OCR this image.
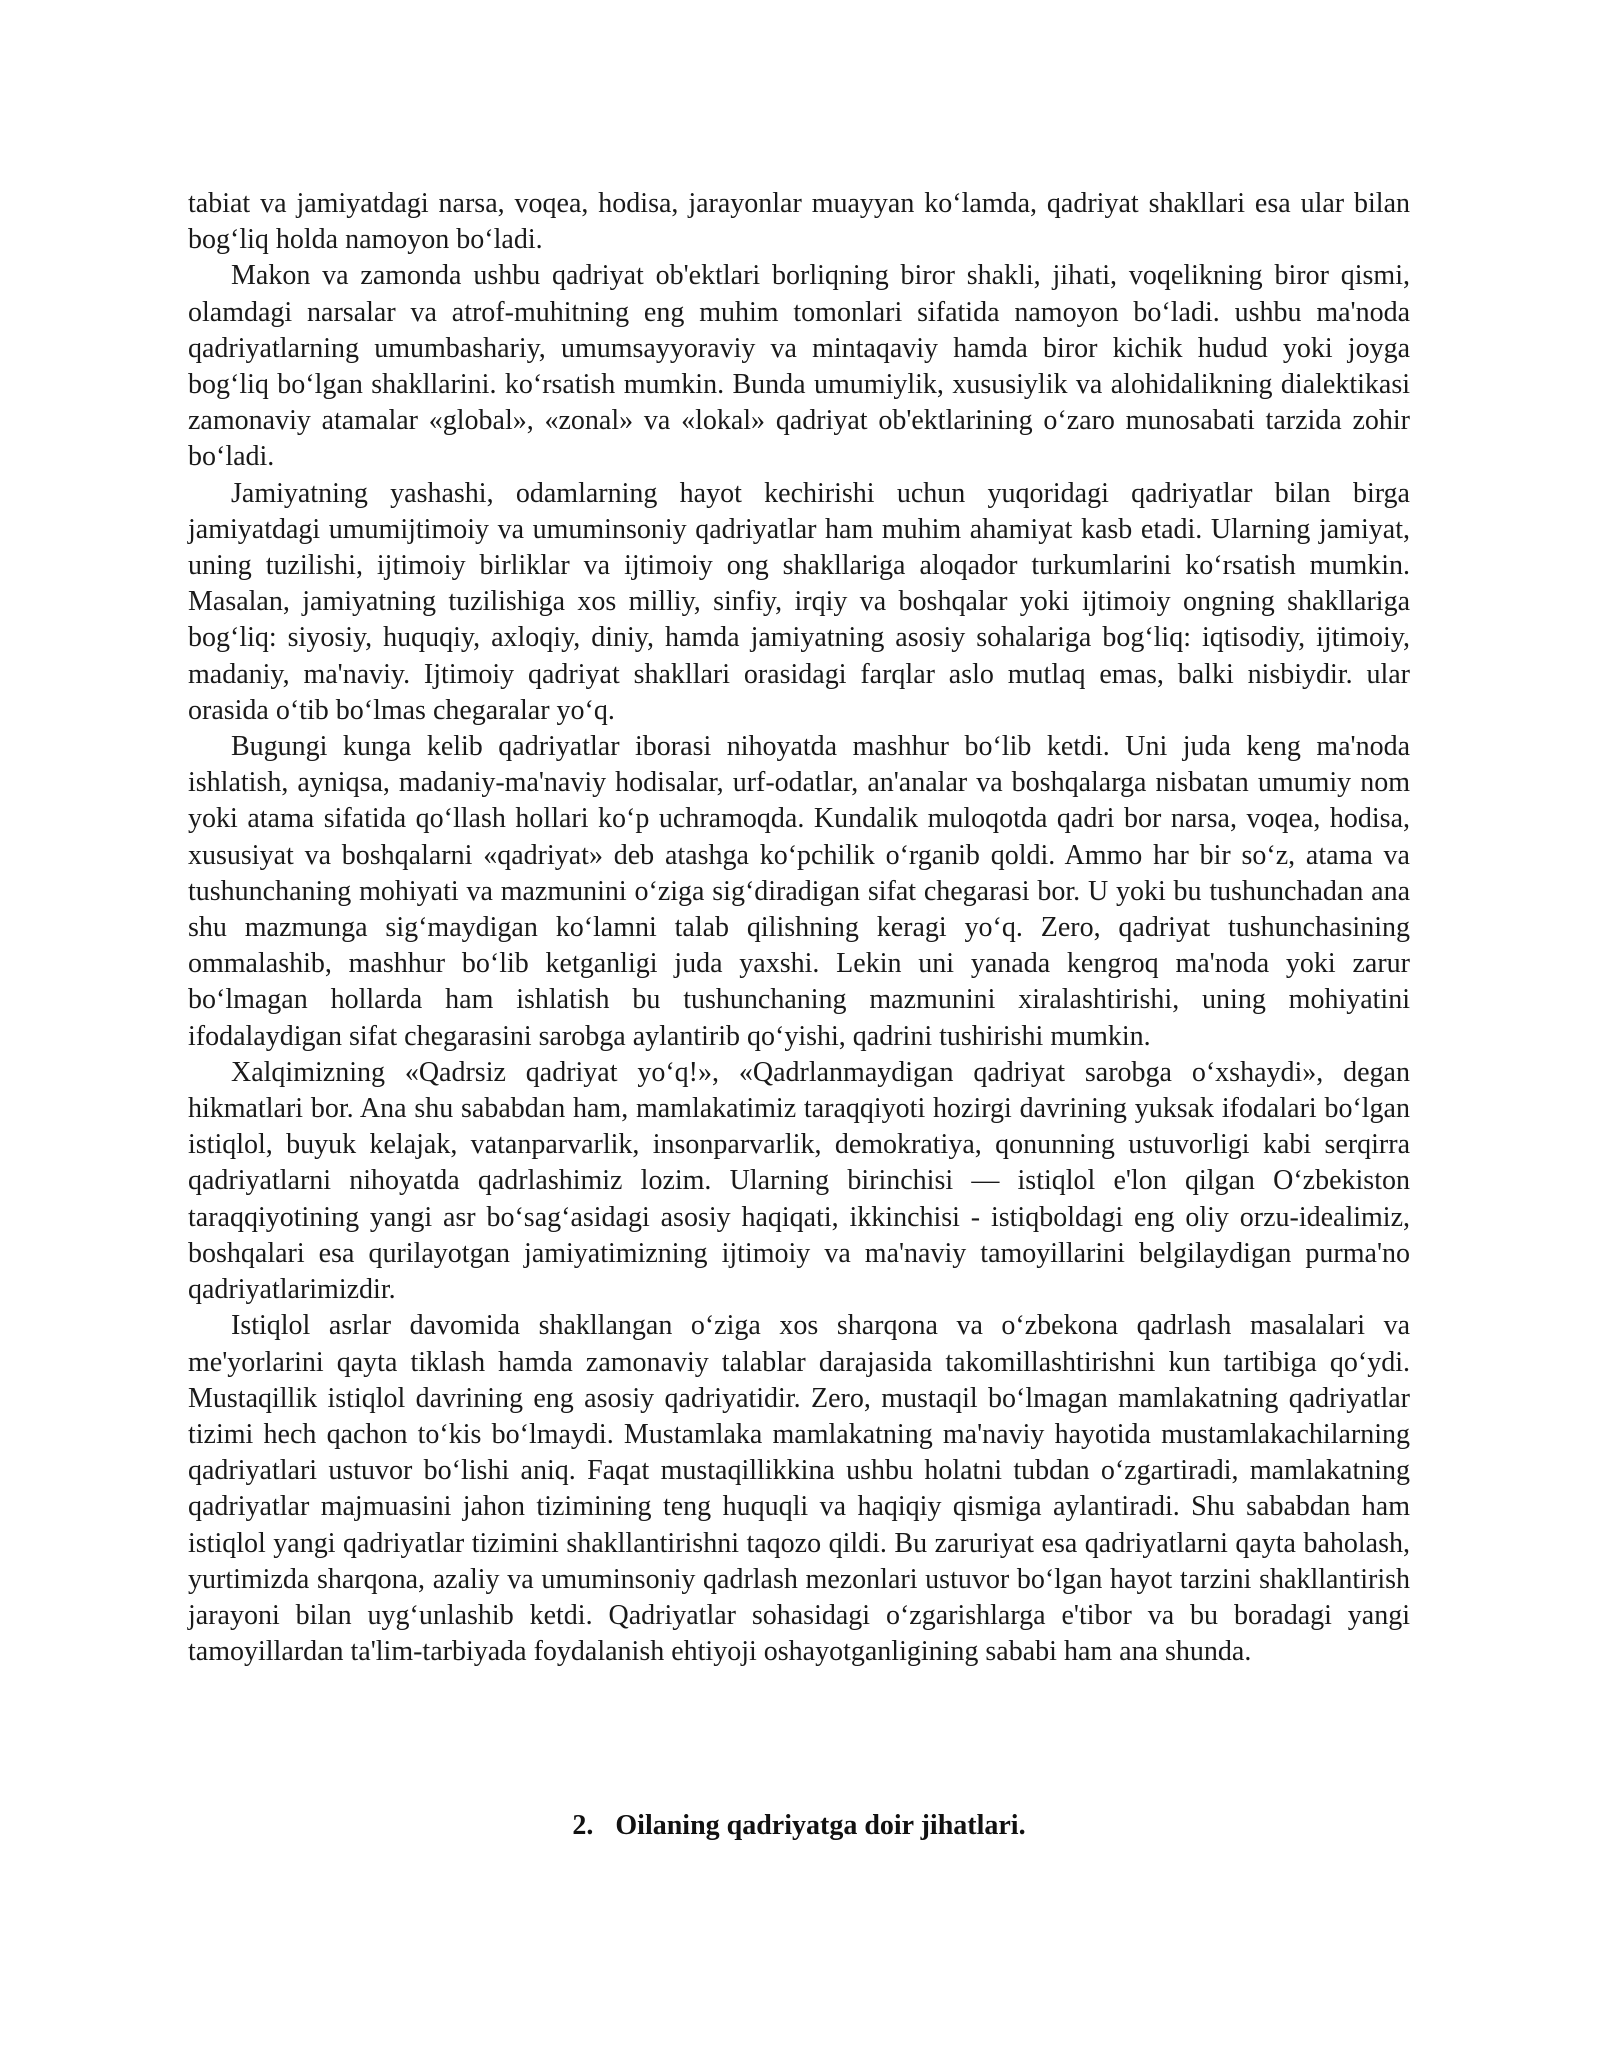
tabiat va jamiyatdagi narsa, voqea, hodisa, jarayonlar muayyan ko‘lamda, qadriyat shakllari esa ular bilan bog‘liq holda namoyon bo‘ladi.

Makon va zamonda ushbu qadriyat ob'ektlari borliqning biror shakli, jihati, voqelikning biror qismi, olamdagi narsalar va atrof-muhitning eng muhim tomonlari sifatida namoyon bo‘ladi. ushbu ma'noda qadriyatlarning umumbashariy, umumsayyoraviy va mintaqaviy hamda biror kichik hudud yoki joyga bog‘liq bo‘lgan shakllarini. ko‘rsatish mumkin. Bunda umumiylik, xususiylik va alohidalikning dialektikasi zamonaviy atamalar «global», «zonal» va «lokal» qadriyat ob'ektlarining o‘zaro munosabati tarzida zohir bo‘ladi.

Jamiyatning yashashi, odamlarning hayot kechirishi uchun yuqoridagi qadriyatlar bilan birga jamiyatdagi umumijtimoiy va umuminsoniy qadriyatlar ham muhim ahamiyat kasb etadi. Ularning jamiyat, uning tuzilishi, ijtimoiy birliklar va ijtimoiy ong shakllariga aloqador turkumlarini ko‘rsatish mumkin. Masalan, jamiyatning tuzilishiga xos milliy, sinfiy, irqiy va boshqalar yoki ijtimoiy ongning shakllariga bog‘liq: siyosiy, huquqiy, axloqiy, diniy, hamda jamiyatning asosiy sohalariga bog‘liq: iqtisodiy, ijtimoiy, madaniy, ma'naviy. Ijtimoiy qadriyat shakllari orasidagi farqlar aslo mutlaq emas, balki nisbiydir. ular orasida o‘tib bo‘lmas chegaralar yo‘q.

Bugungi kunga kelib qadriyatlar iborasi nihoyatda mashhur bo‘lib ketdi. Uni juda keng ma'noda ishlatish, ayniqsa, madaniy-ma'naviy hodisalar, urf-odatlar, an'analar va boshqalarga nisbatan umumiy nom yoki atama sifatida qo‘llash hollari ko‘p uchramoqda. Kundalik muloqotda qadri bor narsa, voqea, hodisa, xususiyat va boshqalarni «qadriyat» deb atashga ko‘pchilik o‘rganib qoldi. Ammo har bir so‘z, atama va tushunchaning mohiyati va mazmunini o‘ziga sig‘diradigan sifat chegarasi bor. U yoki bu tushunchadan ana shu mazmunga sig‘maydigan ko‘lamni talab qilishning keragi yo‘q. Zero, qadriyat tushunchasining ommalashib, mashhur bo‘lib ketganligi juda yaxshi. Lekin uni yanada kengroq ma'noda yoki zarur bo‘lmagan hollarda ham ishlatish bu tushunchaning mazmunini xiralashtirishi, uning mohiyatini ifodalaydigan sifat chegarasini sarobga aylantirib qo‘yishi, qadrini tushirishi mumkin.

Xalqimizning «Qadrsiz qadriyat yo‘q!», «Qadrlanmaydigan qadriyat sarobga o‘xshaydi», degan hikmatlari bor. Ana shu sababdan ham, mamlakatimiz taraqqiyoti hozirgi davrining yuksak ifodalari bo‘lgan istiqlol, buyuk kelajak, vatanparvarlik, insonparvarlik, demokratiya, qonunning ustuvorligi kabi serqirra qadriyatlarni nihoyatda qadrlashimiz lozim. Ularning birinchisi — istiqlol e'lon qilgan O‘zbekiston taraqqiyotining yangi asr bo‘sag‘asidagi asosiy haqiqati, ikkinchisi - istiqboldagi eng oliy orzu-idealimiz, boshqalari esa qurilayotgan jamiyatimizning ijtimoiy va ma'naviy tamoyillarini belgilaydigan purma'no qadriyatlarimizdir.

Istiqlol asrlar davomida shakllangan o‘ziga xos sharqona va o‘zbekona qadrlash masalalari va me'yorlarini qayta tiklash hamda zamonaviy talablar darajasida takomillashtirishni kun tartibiga qo‘ydi. Mustaqillik istiqlol davrining eng asosiy qadriyatidir. Zero, mustaqil bo‘lmagan mamlakatning qadriyatlar tizimi hech qachon to‘kis bo‘lmaydi. Mustamlaka mamlakatning ma'naviy hayotida mustamlakachilarning qadriyatlari ustuvor bo‘lishi aniq. Faqat mustaqillikkina ushbu holatni tubdan o‘zgartiradi, mamlakatning qadriyatlar majmuasini jahon tizimining teng huquqli va haqiqiy qismiga aylantiradi. Shu sababdan ham istiqlol yangi qadriyatlar tizimini shakllantirishni taqozo qildi. Bu zaruriyat esa qadriyatlarni qayta baholash, yurtimizda sharqona, azaliy va umuminsoniy qadrlash mezonlari ustuvor bo‘lgan hayot tarzini shakllantirish jarayoni bilan uyg‘unlashib ketdi. Qadriyatlar sohasidagi o‘zgarishlarga e'tibor va bu boradagi yangi tamoyillardan ta'lim-tarbiyada foydalanish ehtiyoji oshayotganligining sababi ham ana shunda.

2. Oilaning qadriyatga doir jihatlari.
